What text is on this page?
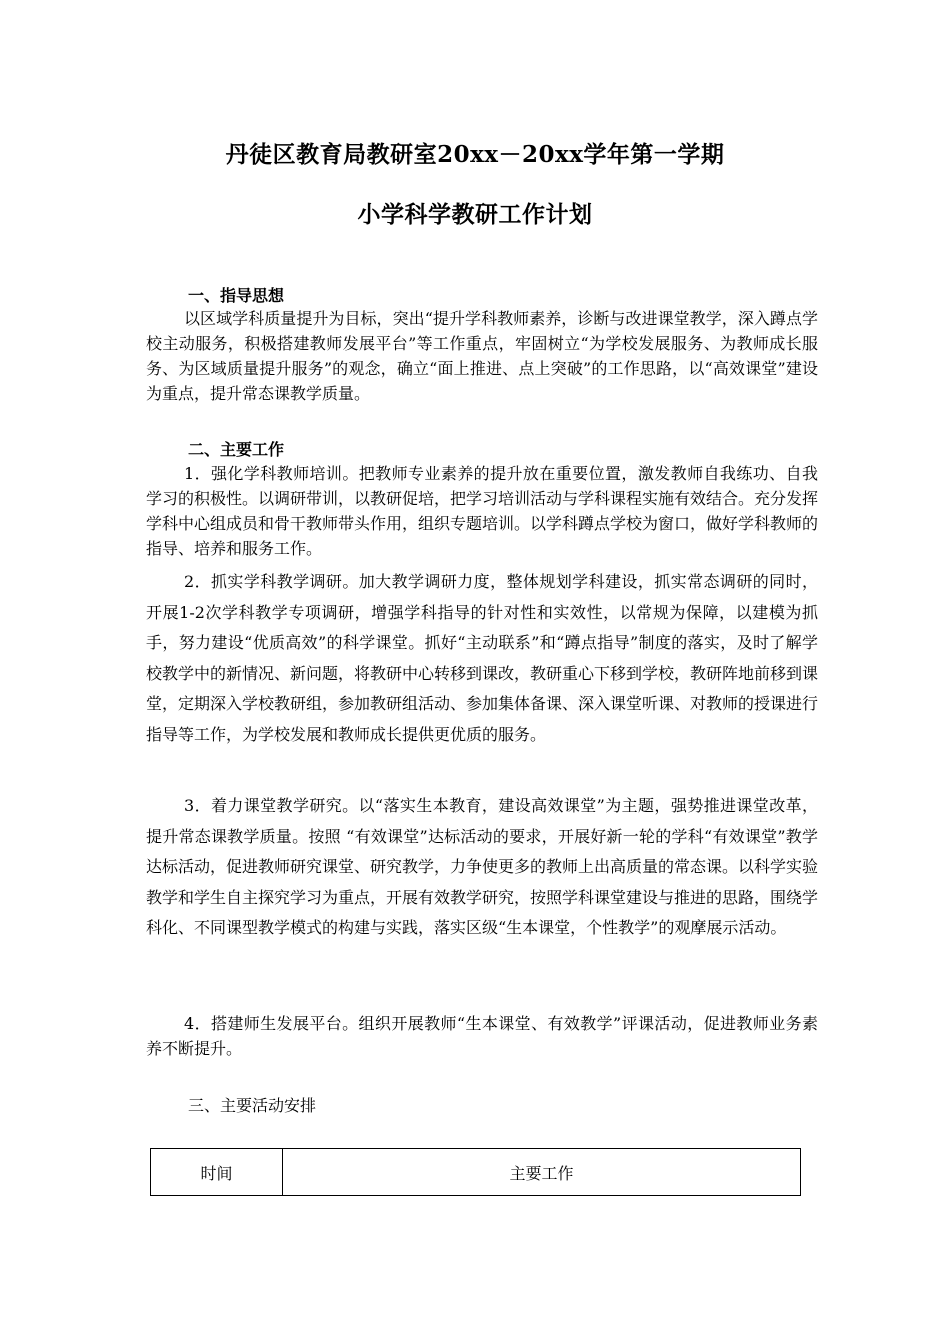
丹徒区教育局教研室20xx－20xx学年第一学期
小学科学教研工作计划
一、指导思想

以区域学科质量提升为目标，突出“提升学科教师素养，诊断与改进课堂教学，深入蹲点学校主动服务，积极搭建教师发展平台”等工作重点，牢固树立“为学校发展服务、为教师成长服务、为区域质量提升服务”的观念，确立“面上推进、点上突破”的工作思路，以“高效课堂”建设为重点，提升常态课教学质量。

二、主要工作

1．强化学科教师培训。把教师专业素养的提升放在重要位置，激发教师自我练功、自我学习的积极性。以调研带训，以教研促培，把学习培训活动与学科课程实施有效结合。充分发挥学科中心组成员和骨干教师带头作用，组织专题培训。以学科蹲点学校为窗口，做好学科教师的指导、培养和服务工作。

2．抓实学科教学调研。加大教学调研力度，整体规划学科建设，抓实常态调研的同时，开展1-2次学科教学专项调研，增强学科指导的针对性和实效性，以常规为保障，以建模为抓手，努力建设“优质高效”的科学课堂。抓好“主动联系”和“蹲点指导”制度的落实，及时了解学校教学中的新情况、新问题，将教研中心转移到课改，教研重心下移到学校，教研阵地前移到课堂，定期深入学校教研组，参加教研组活动、参加集体备课、深入课堂听课、对教师的授课进行指导等工作，为学校发展和教师成长提供更优质的服务。

3．着力课堂教学研究。以“落实生本教育，建设高效课堂”为主题，强势推进课堂改革，提升常态课教学质量。按照 “有效课堂”达标活动的要求，开展好新一轮的学科“有效课堂”教学达标活动，促进教师研究课堂、研究教学，力争使更多的教师上出高质量的常态课。以科学实验教学和学生自主探究学习为重点，开展有效教学研究，按照学科课堂建设与推进的思路，围绕学科化、不同课型教学模式的构建与实践，落实区级“生本课堂，个性教学”的观摩展示活动。

4．搭建师生发展平台。组织开展教师“生本课堂、有效教学”评课活动，促进教师业务素养不断提升。

三、主要活动安排
时间	主要工作
